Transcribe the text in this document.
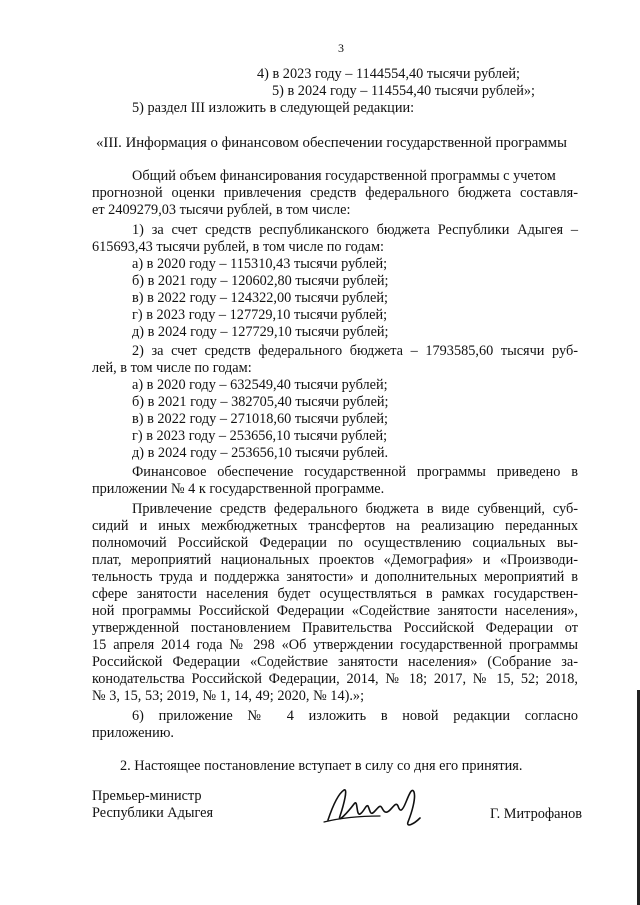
3
4) в 2023 году – 1144554,40 тысячи рублей;
5) в 2024 году – 114554,40 тысячи рублей»;
5) раздел III изложить в следующей редакции:
«III. Информация о финансовом обеспечении государственной программы
Общий объем финансирования государственной программы с учетом
прогнозной оценки привлечения средств федерального бюджета составля-
ет 2409279,03 тысячи рублей, в том числе:
1) за счет средств республиканского бюджета Республики Адыгея –
615693,43 тысячи рублей, в том числе по годам:
а) в 2020 году – 115310,43 тысячи рублей;
б) в 2021 году – 120602,80 тысячи рублей;
в) в 2022 году – 124322,00 тысячи рублей;
г) в 2023 году – 127729,10 тысячи рублей;
д) в 2024 году – 127729,10 тысячи рублей;
2) за счет средств федерального бюджета – 1793585,60 тысячи руб-
лей, в том числе по годам:
а) в 2020 году – 632549,40 тысячи рублей;
б) в 2021 году – 382705,40 тысячи рублей;
в) в 2022 году – 271018,60 тысячи рублей;
г) в 2023 году – 253656,10 тысячи рублей;
д) в 2024 году – 253656,10 тысячи рублей.
Финансовое обеспечение государственной программы приведено в
приложении № 4 к государственной программе.
Привлечение средств федерального бюджета в виде субвенций, суб-
сидий и иных межбюджетных трансфертов на реализацию переданных
полномочий Российской Федерации по осуществлению социальных вы-
плат, мероприятий национальных проектов «Демография» и «Производи-
тельность труда и поддержка занятости» и дополнительных мероприятий в
сфере занятости населения будет осуществляться в рамках государствен-
ной программы Российской Федерации «Содействие занятости населения»,
утвержденной постановлением Правительства Российской Федерации от
15 апреля 2014 года № 298 «Об утверждении государственной программы
Российской Федерации «Содействие занятости населения» (Собрание за-
конодательства Российской Федерации, 2014, № 18; 2017, № 15, 52; 2018,
№ 3, 15, 53; 2019, № 1, 14, 49; 2020, № 14).»;
6) приложение № 4 изложить в новой редакции согласно
приложению.
2. Настоящее постановление вступает в силу со дня его принятия.
Премьер-министр
Республики Адыгея	Г. Митрофанов
